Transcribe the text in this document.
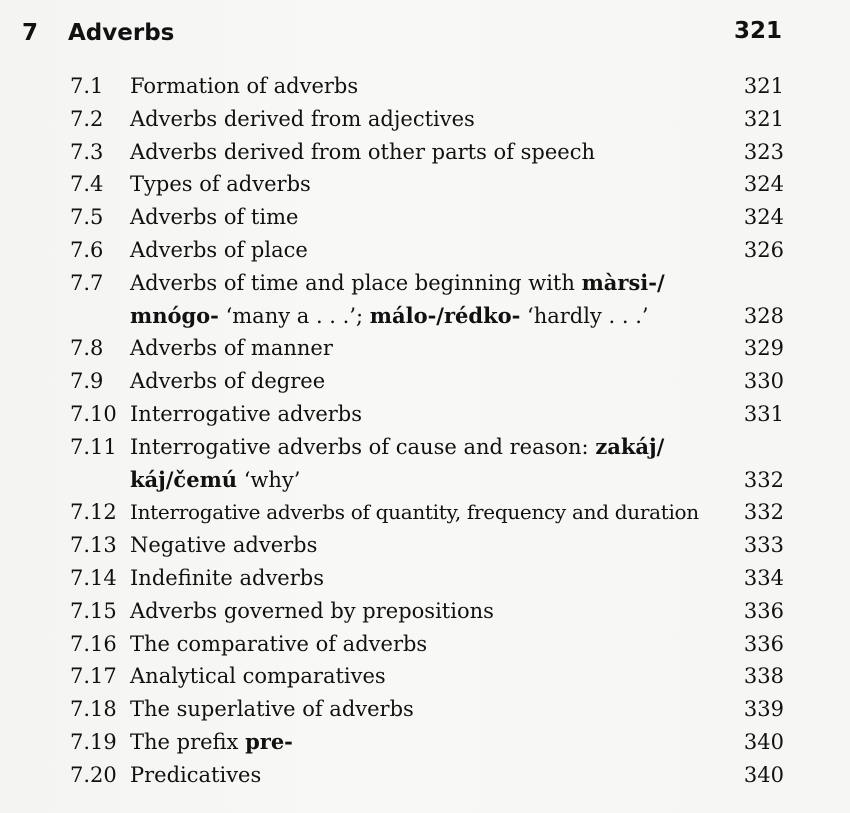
7 Adverbs	321
7.1	Formation of adverbs	321
7.2	Adverbs derived from adjectives	321
7.3	Adverbs derived from other parts of speech	323
7.4	Types of adverbs	324
7.5	Adverbs of time	324
7.6	Adverbs of place	326
7.7	Adverbs of time and place beginning with màrsi-/
mnógo- ‘many a . . .’; málo-/rédko- ‘hardly . . .’	328
7.8	Adverbs of manner	329
7.9	Adverbs of degree	330
7.10 Interrogative adverbs	331
7.11 Interrogative adverbs of cause and reason: zakáj/
káj/čemú ‘why’	332
7.12 Interrogative adverbs of quantity, frequency and duration	332
7.13 Negative adverbs	333
7.14 Indefinite adverbs	334
7.15 Adverbs governed by prepositions	336
7.16 The comparative of adverbs	336
7.17 Analytical comparatives	338
7.18 The superlative of adverbs	339
7.19 The prefix pre-	340
7.20 Predicatives	340
